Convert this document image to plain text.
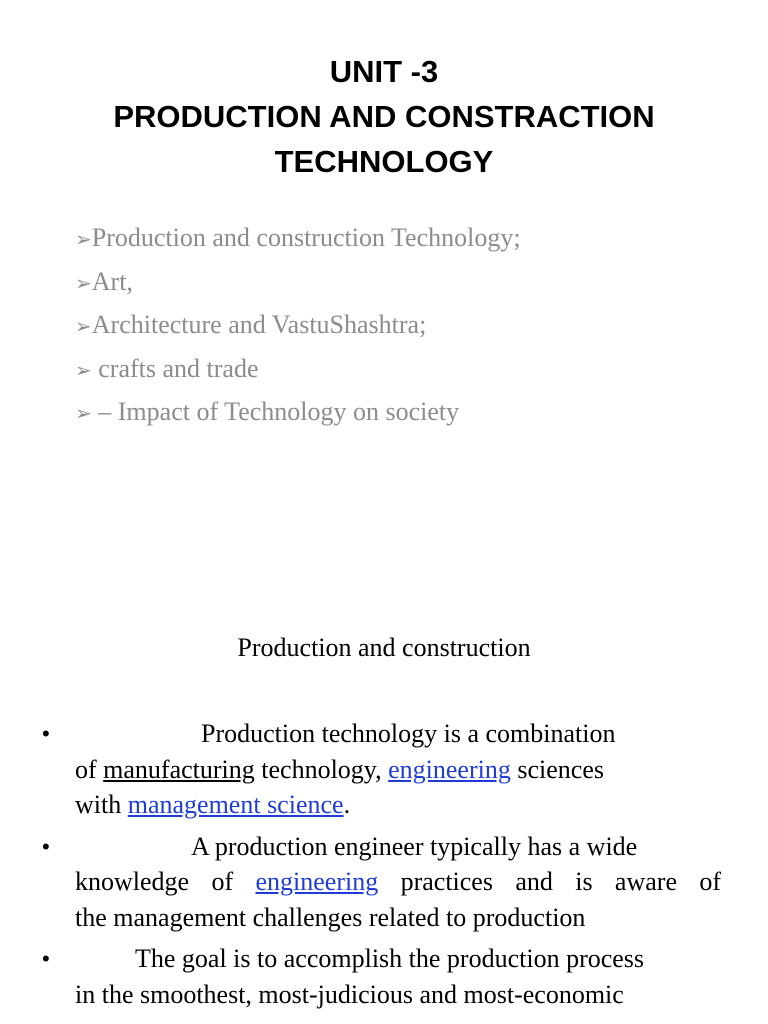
UNIT -3
PRODUCTION AND CONSTRACTION
TECHNOLOGY
➢Production and construction Technology;
➢Art,
➢Architecture and VastuShashtra;
➢ crafts and trade
➢ – Impact of Technology on society
Production and construction
•	Production technology is a combination
of manufacturing technology, engineering sciences
with management science.
•	A production engineer typically has a wide
knowledge of engineering practices and is aware of
the management challenges related to production
•	The goal is to accomplish the production process
in the smoothest, most-judicious and most-economic
